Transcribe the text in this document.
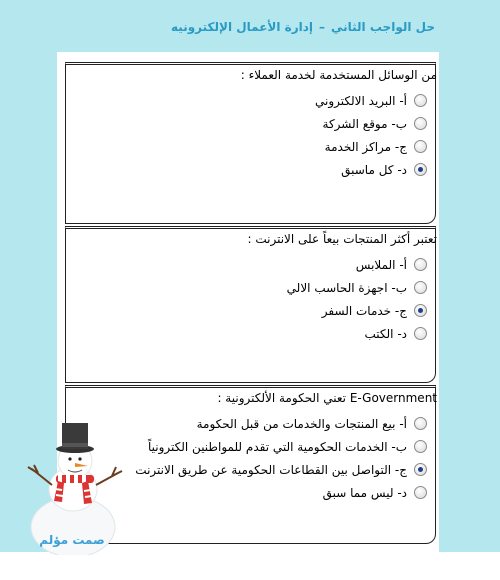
حل الواجب الثاني–إدارة الأعمال الإلكترونيه
من الوسائل المستخدمة لخدمة العملاء :
أ- البريد الالكتروني
ب- موقع الشركة
ج- مراكز الخدمة
د- كل ماسبق
تعتبر أكثر المنتجات بيعاً على الانترنت :
أ- الملابس
ب- اجهزة الحاسب الالي
ج- خدمات السفر
د- الكتب
E-Government تعني الحكومة الألكترونية :
أ- بيع المنتجات والخدمات من قبل الحكومة
ب- الخدمات الحكومية التي تقدم للمواطنين الكترونياً
ج- التواصل بين القطاعات الحكومية عن طريق الانترنت
د- ليس مما سبق
صمت مؤلم
